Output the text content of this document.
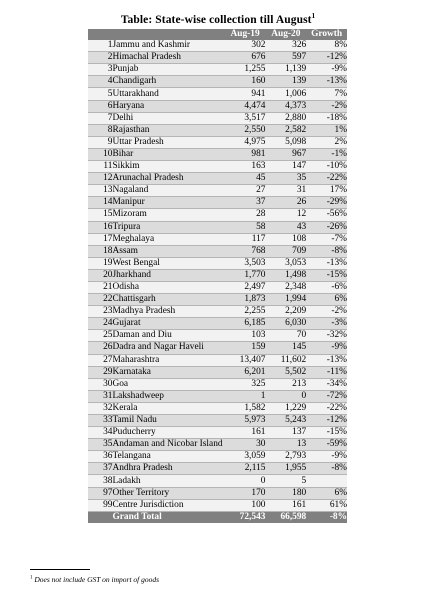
Table: State-wise collection till August$^1$
		Aug-19	Aug-20	Growth
1	Jammu and Kashmir	302	326	8%
2	Himachal Pradesh	676	597	-12%
3	Punjab	1,255	1,139	-9%
4	Chandigarh	160	139	-13%
5	Uttarakhand	941	1,006	7%
6	Haryana	4,474	4,373	-2%
7	Delhi	3,517	2,880	-18%
8	Rajasthan	2,550	2,582	1%
9	Uttar Pradesh	4,975	5,098	2%
10	Bihar	981	967	-1%
11	Sikkim	163	147	-10%
12	Arunachal Pradesh	45	35	-22%
13	Nagaland	27	31	17%
14	Manipur	37	26	-29%
15	Mizoram	28	12	-56%
16	Tripura	58	43	-26%
17	Meghalaya	117	108	-7%
18	Assam	768	709	-8%
19	West Bengal	3,503	3,053	-13%
20	Jharkhand	1,770	1,498	-15%
21	Odisha	2,497	2,348	-6%
22	Chattisgarh	1,873	1,994	6%
23	Madhya Pradesh	2,255	2,209	-2%
24	Gujarat	6,185	6,030	-3%
25	Daman and Diu	103	70	-32%
26	Dadra and Nagar Haveli	159	145	-9%
27	Maharashtra	13,407	11,602	-13%
29	Karnataka	6,201	5,502	-11%
30	Goa	325	213	-34%
31	Lakshadweep	1	0	-72%
32	Kerala	1,582	1,229	-22%
33	Tamil Nadu	5,973	5,243	-12%
34	Puducherry	161	137	-15%
35	Andaman and Nicobar Island	30	13	-59%
36	Telangana	3,059	2,793	-9%
37	Andhra Pradesh	2,115	1,955	-8%
38	Ladakh	0	5	
97	Other Territory	170	180	6%
99	Centre Jurisdiction	100	161	61%
	Grand Total	72,543	66,598	-8%
$^1$ Does not include GST on import of goods
